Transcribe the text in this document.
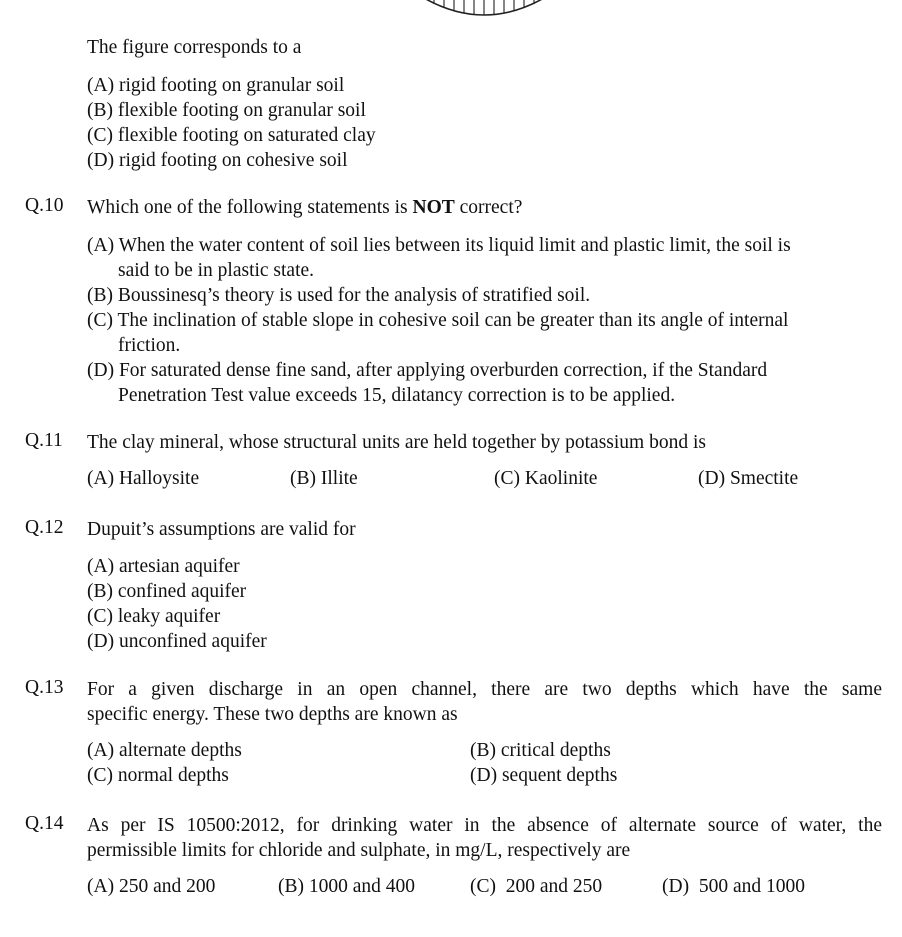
The figure corresponds to a
(A) rigid footing on granular soil
(B) flexible footing on granular soil
(C) flexible footing on saturated clay
(D) rigid footing on cohesive soil
Q.10	Which one of the following statements is NOT correct?
(A) When the water content of soil lies between its liquid limit and plastic limit, the soil is
said to be in plastic state.
(B) Boussinesq’s theory is used for the analysis of stratified soil.
(C) The inclination of stable slope in cohesive soil can be greater than its angle of internal
friction.
(D) For saturated dense fine sand, after applying overburden correction, if the Standard
Penetration Test value exceeds 15, dilatancy correction is to be applied.
Q.11	The clay mineral, whose structural units are held together by potassium bond is
(A) Halloysite	(B) Illite	(C) Kaolinite	(D) Smectite
Q.12	Dupuit’s assumptions are valid for
(A) artesian aquifer
(B) confined aquifer
(C) leaky aquifer
(D) unconfined aquifer
Q.13	For a given discharge in an open channel, there are two depths which have the same
specific energy. These two depths are known as
(A) alternate depths	(B) critical depths
(C) normal depths	(D) sequent depths
Q.14	As per IS 10500:2012, for drinking water in the absence of alternate source of water, the
permissible limits for chloride and sulphate, in mg/L, respectively are
(A) 250 and 200	(B) 1000 and 400	(C)  200 and 250	(D)  500 and 1000
